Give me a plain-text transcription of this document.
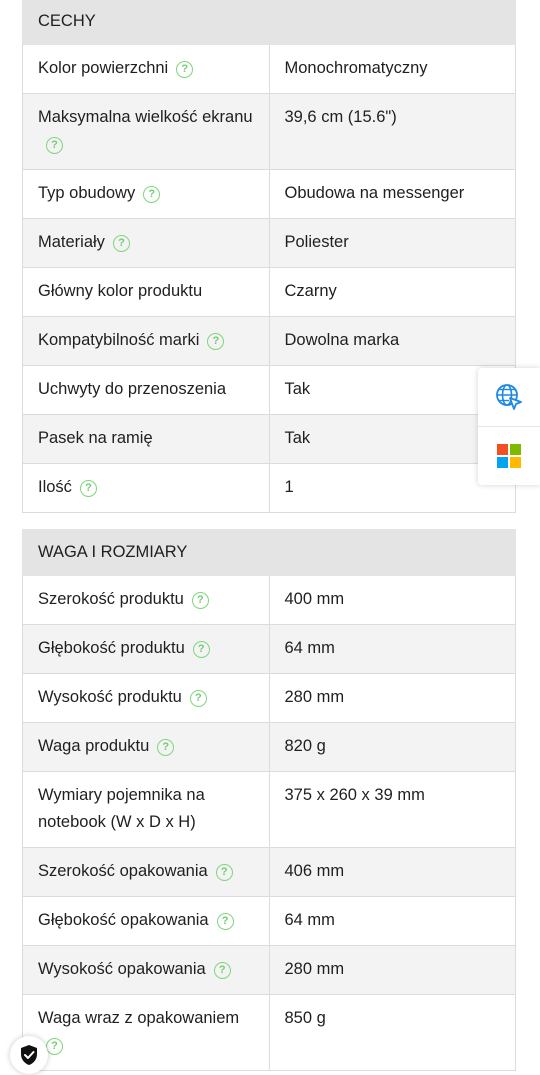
CECHY	
Kolor powierzchni ?	Monochromatyczny
Maksymalna wielkość ekranu?	39,6 cm (15.6")
Typ obudowy ?	Obudowa na messenger
Materiały ?	Poliester
Główny kolor produktu	Czarny
Kompatybilność marki ?	Dowolna marka
Uchwyty do przenoszenia	Tak
Pasek na ramię	Tak
Ilość ?	1
WAGA I ROZMIARY	
Szerokość produktu ?	400 mm
Głębokość produktu ?	64 mm
Wysokość produktu ?	280 mm
Waga produktu ?	820 g
Wymiary pojemnika na notebook (W x D x H)	375 x 260 x 39 mm
Szerokość opakowania ?	406 mm
Głębokość opakowania ?	64 mm
Wysokość opakowania ?	280 mm
Waga wraz z opakowaniem?	850 g
